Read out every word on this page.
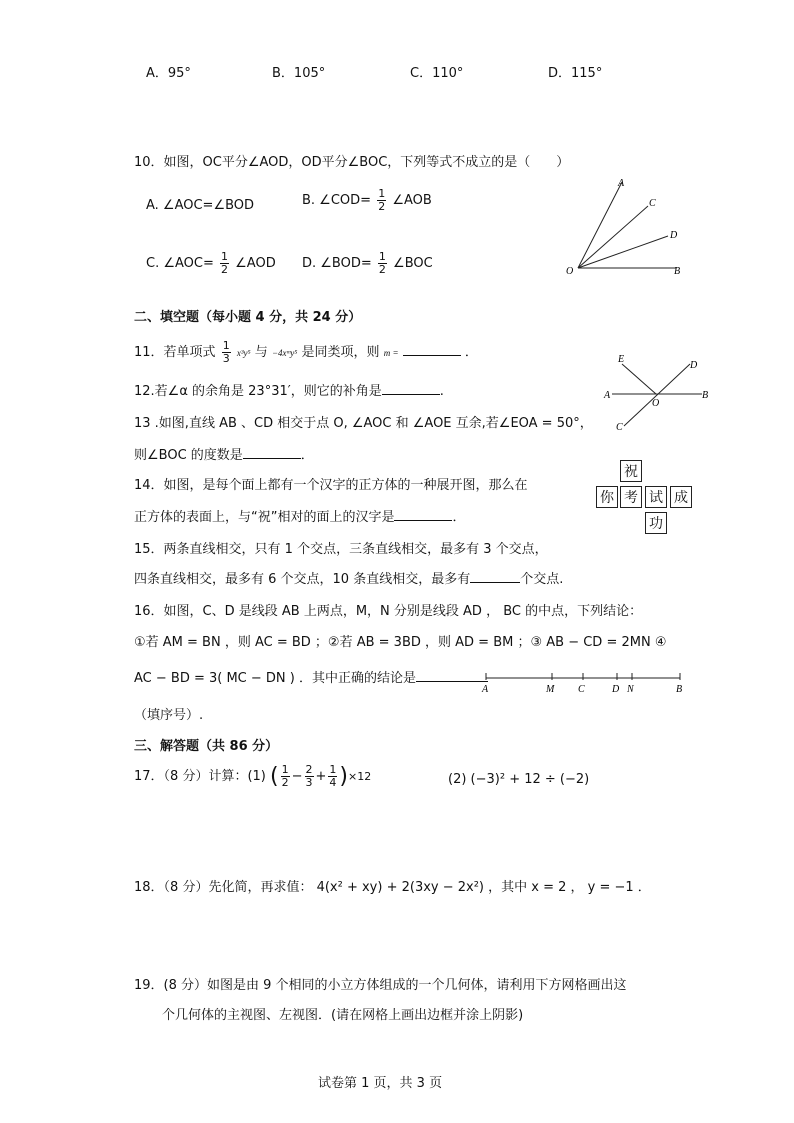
A．95°	B．105°	C．110°	D．115°
10．如图，OC平分∠AOD，OD平分∠BOC，下列等式不成立的是（　　）
A. ∠AOC=∠BOD	B. ∠COD= $\frac{1}{2}$ ∠AOB
C. ∠AOC= $\frac{1}{2}$ ∠AOD D. ∠BOD= $\frac{1}{2}$ ∠BOC
A
C
D
O	B
二、填空题（每小题 4 分，共 24 分）
11．若单项式 $\frac{1}{3} x^3y^5$ 与 −4xᵐy⁵ 是同类项，则 m =	．
12.若∠α 的余角是 23°31′，则它的补角是	.
13 .如图,直线 AB 、CD 相交于点 O, ∠AOC 和 ∠AOE 互余,若∠EOA = 50°，
则∠BOC 的度数是	．
E
D
A
O
B
C
14．如图，是每个面上都有一个汉字的正方体的一种展开图，那么在
正方体的表面上，与“祝”相对的面上的汉字是	．
祝
你 考 试 成
功
15．两条直线相交，只有 1 个交点，三条直线相交，最多有 3 个交点，
四条直线相交，最多有 6 个交点，10 条直线相交，最多有	个交点.
16．如图，C、D 是线段 AB 上两点，M，N 分别是线段 AD ， BC 的中点，下列结论：
①若 AM = BN ，则 AC = BD ；②若 AB = 3BD ，则 AD = BM ；③ AB − CD = 2MN ④
AC − BD = 3( MC − DN ) ．其中正确的结论是
（填序号）.
A	M C	D N	B
三、解答题（共 86 分）
17．（8 分）计算：(1) ( $\frac{1}{2} - \frac{2}{3} + \frac{1}{4} )\times 12$	(2) (−3)² + 12 ÷ (−2)
18．（8 分）先化简，再求值： 4(x² + xy) + 2(3xy − 2x²) ，其中 x = 2 ， y = −1 ．
19．(8 分）如图是由 9 个相同的小立方体组成的一个几何体，请利用下方网格画出这
个几何体的主视图、左视图．(请在网格上画出边框并涂上阴影)
试卷第 1 页，共 3 页
